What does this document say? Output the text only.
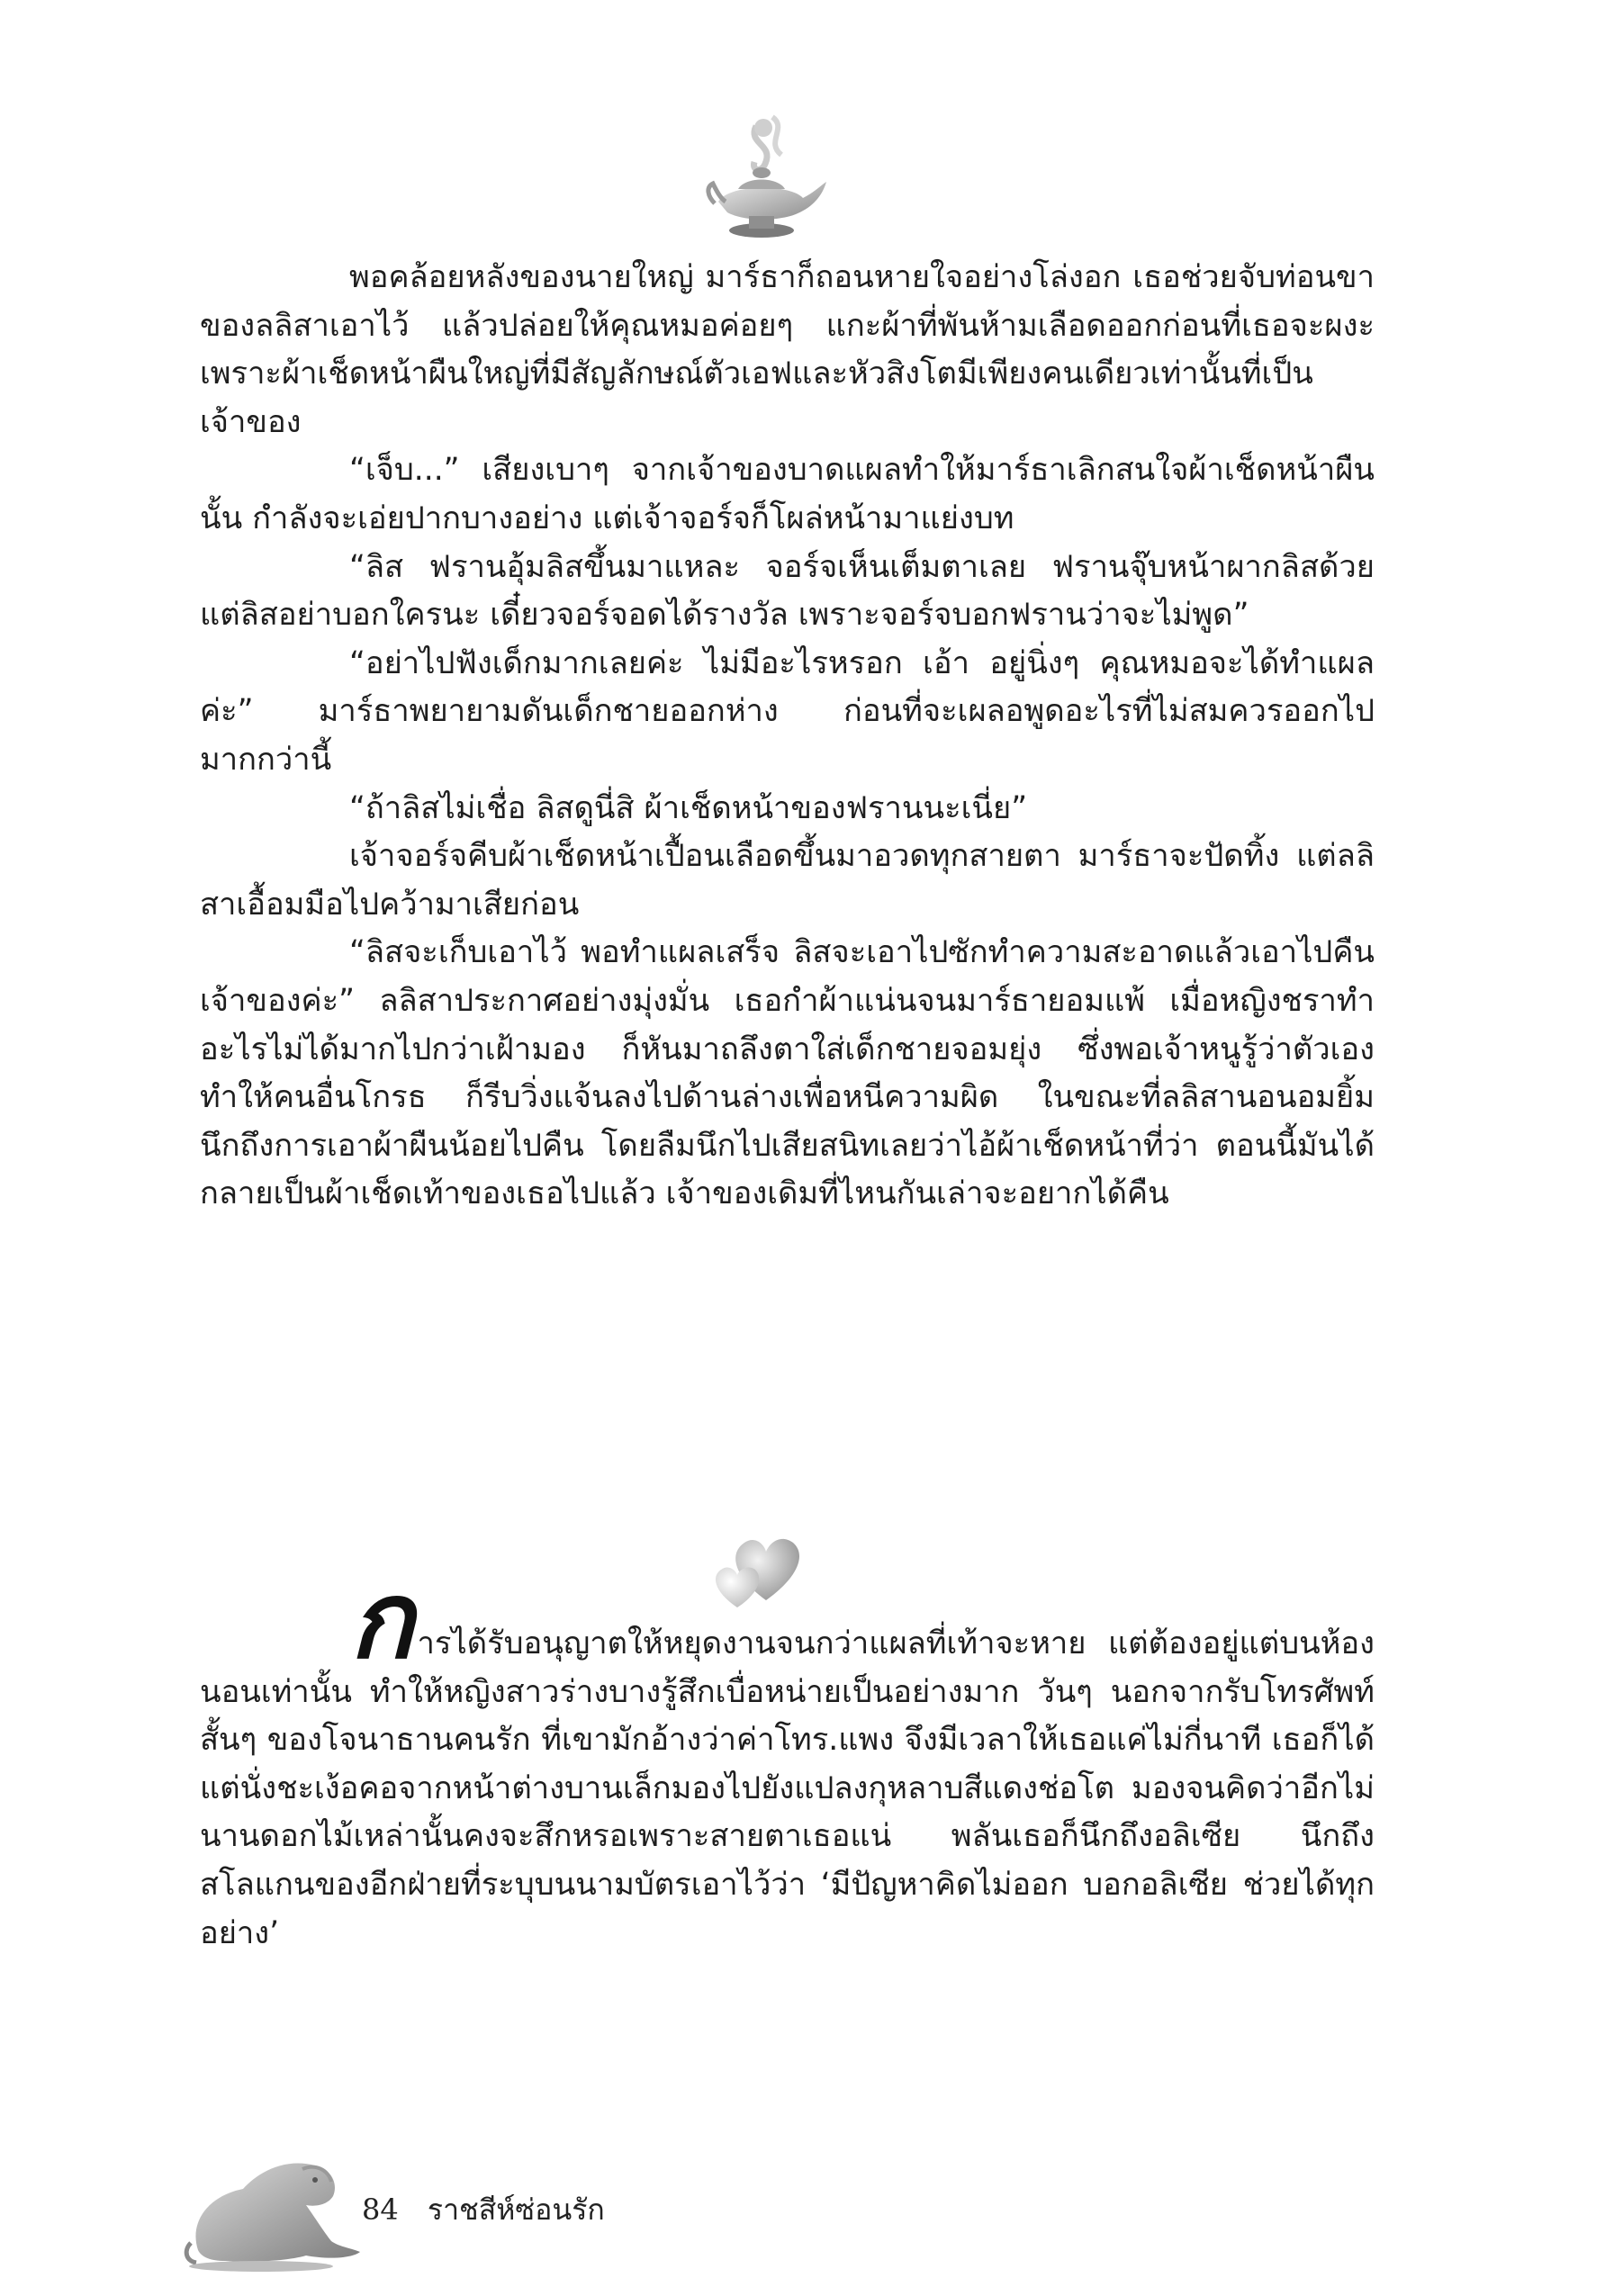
พอคล้อยหลังของนายใหญ่ มาร์ธาก็ถอนหายใจอย่างโล่งอก เธอช่วยจับท่อนขาของลลิสาเอาไว้ แล้วปล่อยให้คุณหมอค่อยๆ แกะผ้าที่พันห้ามเลือดออกก่อนที่เธอจะผงะ เพราะผ้าเช็ดหน้าผืนใหญ่ที่มีสัญลักษณ์ตัวเอฟและหัวสิงโตมีเพียงคนเดียวเท่านั้นที่เป็นเจ้าของ

“เจ็บ...” เสียงเบาๆ จากเจ้าของบาดแผลทำให้มาร์ธาเลิกสนใจผ้าเช็ดหน้าผืนนั้น กำลังจะเอ่ยปากบางอย่าง แต่เจ้าจอร์จก็โผล่หน้ามาแย่งบท

“ลิส ฟรานอุ้มลิสขึ้นมาแหละ จอร์จเห็นเต็มตาเลย ฟรานจุ๊บหน้าผากลิสด้วย แต่ลิสอย่าบอกใครนะ เดี๋ยวจอร์จอดได้รางวัล เพราะจอร์จบอกฟรานว่าจะไม่พูด”

“อย่าไปฟังเด็กมากเลยค่ะ ไม่มีอะไรหรอก เอ้า อยู่นิ่งๆ คุณหมอจะได้ทำแผลค่ะ” มาร์ธาพยายามดันเด็กชายออกห่าง ก่อนที่จะเผลอพูดอะไรที่ไม่สมควรออกไปมากกว่านี้

“ถ้าลิสไม่เชื่อ ลิสดูนี่สิ ผ้าเช็ดหน้าของฟรานนะเนี่ย”

เจ้าจอร์จคีบผ้าเช็ดหน้าเปื้อนเลือดขึ้นมาอวดทุกสายตา มาร์ธาจะปัดทิ้ง แต่ลลิสาเอื้อมมือไปคว้ามาเสียก่อน

“ลิสจะเก็บเอาไว้ พอทำแผลเสร็จ ลิสจะเอาไปซักทำความสะอาดแล้วเอาไปคืนเจ้าของค่ะ” ลลิสาประกาศอย่างมุ่งมั่น เธอกำผ้าแน่นจนมาร์ธายอมแพ้ เมื่อหญิงชราทำอะไรไม่ได้มากไปกว่าเฝ้ามอง ก็หันมาถลึงตาใส่เด็กชายจอมยุ่ง ซึ่งพอเจ้าหนูรู้ว่าตัวเองทำให้คนอื่นโกรธ ก็รีบวิ่งแจ้นลงไปด้านล่างเพื่อหนีความผิด ในขณะที่ลลิสานอนอมยิ้ม นึกถึงการเอาผ้าผืนน้อยไปคืน โดยลืมนึกไปเสียสนิทเลยว่าไอ้ผ้าเช็ดหน้าที่ว่า ตอนนี้มันได้กลายเป็นผ้าเช็ดเท้าของเธอไปแล้ว เจ้าของเดิมที่ไหนกันเล่าจะอยากได้คืน

การได้รับอนุญาตให้หยุดงานจนกว่าแผลที่เท้าจะหาย แต่ต้องอยู่แต่บนห้องนอนเท่านั้น ทำให้หญิงสาวร่างบางรู้สึกเบื่อหน่ายเป็นอย่างมาก วันๆ นอกจากรับโทรศัพท์สั้นๆ ของโจนาธานคนรัก ที่เขามักอ้างว่าค่าโทร.แพง จึงมีเวลาให้เธอแค่ไม่กี่นาที เธอก็ได้แต่นั่งชะเง้อคอจากหน้าต่างบานเล็กมองไปยังแปลงกุหลาบสีแดงช่อโต มองจนคิดว่าอีกไม่นานดอกไม้เหล่านั้นคงจะสึกหรอเพราะสายตาเธอแน่ พลันเธอก็นึกถึงอลิเซีย นึกถึงสโลแกนของอีกฝ่ายที่ระบุบนนามบัตรเอาไว้ว่า ‘มีปัญหาคิดไม่ออก บอกอลิเซีย ช่วยได้ทุกอย่าง’

84 ราชสีห์ซ่อนรัก
